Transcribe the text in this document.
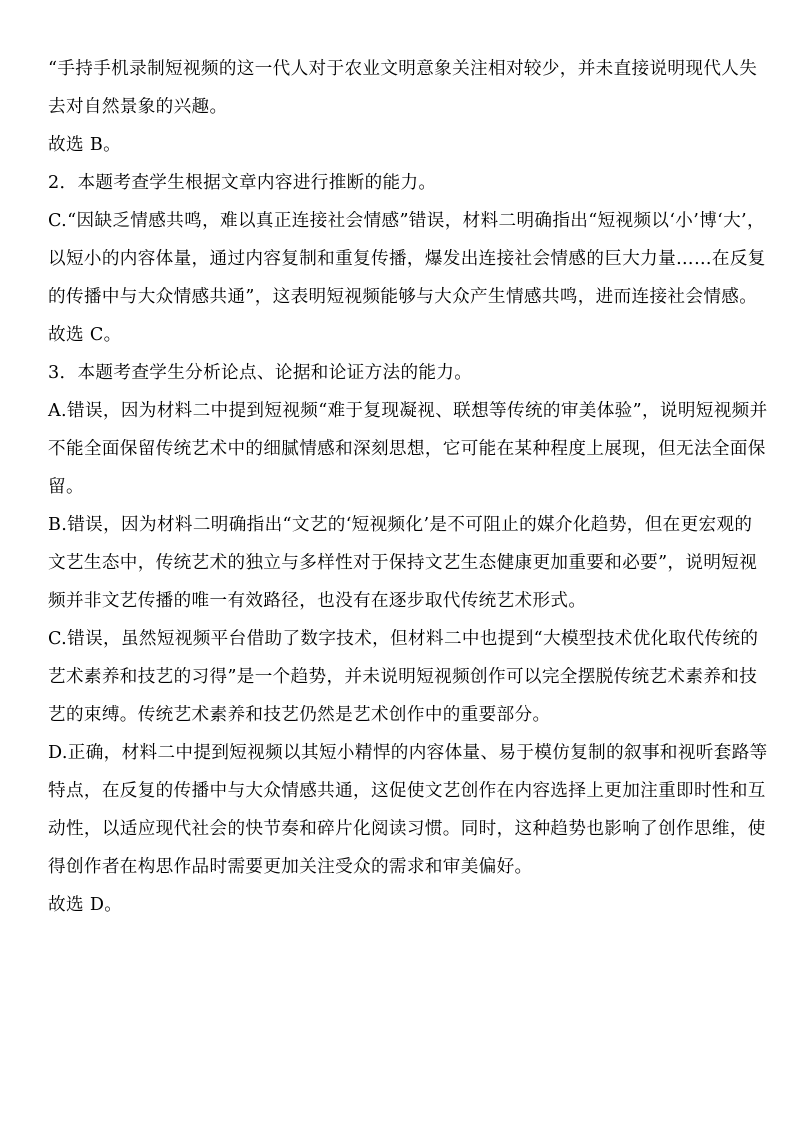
“手持手机录制短视频的这一代人对于农业文明意象关注相对较少，并未直接说明现代人失去对自然景象的兴趣。

故选 B。

2．本题考查学生根据文章内容进行推断的能力。

C.“因缺乏情感共鸣，难以真正连接社会情感”错误，材料二明确指出“短视频以‘小’博‘大’，以短小的内容体量，通过内容复制和重复传播，爆发出连接社会情感的巨大力量……在反复的传播中与大众情感共通”，这表明短视频能够与大众产生情感共鸣，进而连接社会情感。

故选 C。

3．本题考查学生分析论点、论据和论证方法的能力。

A.错误，因为材料二中提到短视频“难于复现凝视、联想等传统的审美体验”，说明短视频并不能全面保留传统艺术中的细腻情感和深刻思想，它可能在某种程度上展现，但无法全面保留。

B.错误，因为材料二明确指出“文艺的‘短视频化’是不可阻止的媒介化趋势，但在更宏观的文艺生态中，传统艺术的独立与多样性对于保持文艺生态健康更加重要和必要”，说明短视频并非文艺传播的唯一有效路径，也没有在逐步取代传统艺术形式。

C.错误，虽然短视频平台借助了数字技术，但材料二中也提到“大模型技术优化取代传统的艺术素养和技艺的习得”是一个趋势，并未说明短视频创作可以完全摆脱传统艺术素养和技艺的束缚。传统艺术素养和技艺仍然是艺术创作中的重要部分。

D.正确，材料二中提到短视频以其短小精悍的内容体量、易于模仿复制的叙事和视听套路等特点，在反复的传播中与大众情感共通，这促使文艺创作在内容选择上更加注重即时性和互动性，以适应现代社会的快节奏和碎片化阅读习惯。同时，这种趋势也影响了创作思维，使得创作者在构思作品时需要更加关注受众的需求和审美偏好。

故选 D。
